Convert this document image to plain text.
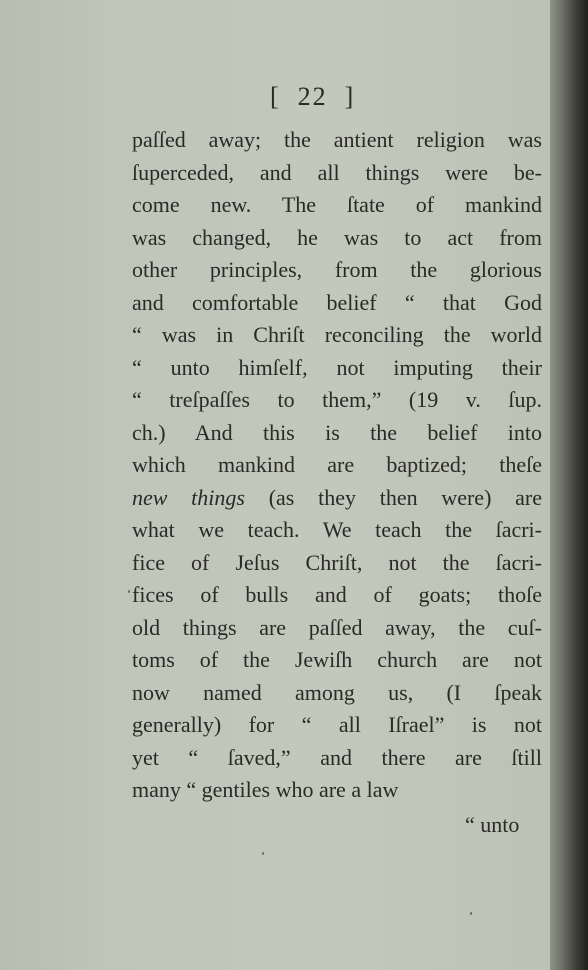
[  22  ]
paſſed away; the antient religion was
ſuperceded, and all things were be-
come new. The ſtate of mankind
was changed, he was to act from
other principles, from the glorious
and comfortable belief “ that God
“ was in Chriſt reconciling the world
“ unto himſelf, not imputing their
“ treſpaſſes to them,” (19 v. ſup.
ch.) And this is the belief into
which mankind are baptized; theſe
new things (as they then were) are
what we teach. We teach the ſacri-
fice of Jeſus Chriſt, not the ſacri-
fices of bulls and of goats; thoſe
old things are paſſed away, the cuſ-
toms of the Jewiſh church are not
now named among us, (I ſpeak
generally) for “ all Iſrael” is not
yet “ ſaved,” and there are ſtill
many “ gentiles who are a law
“ unto
